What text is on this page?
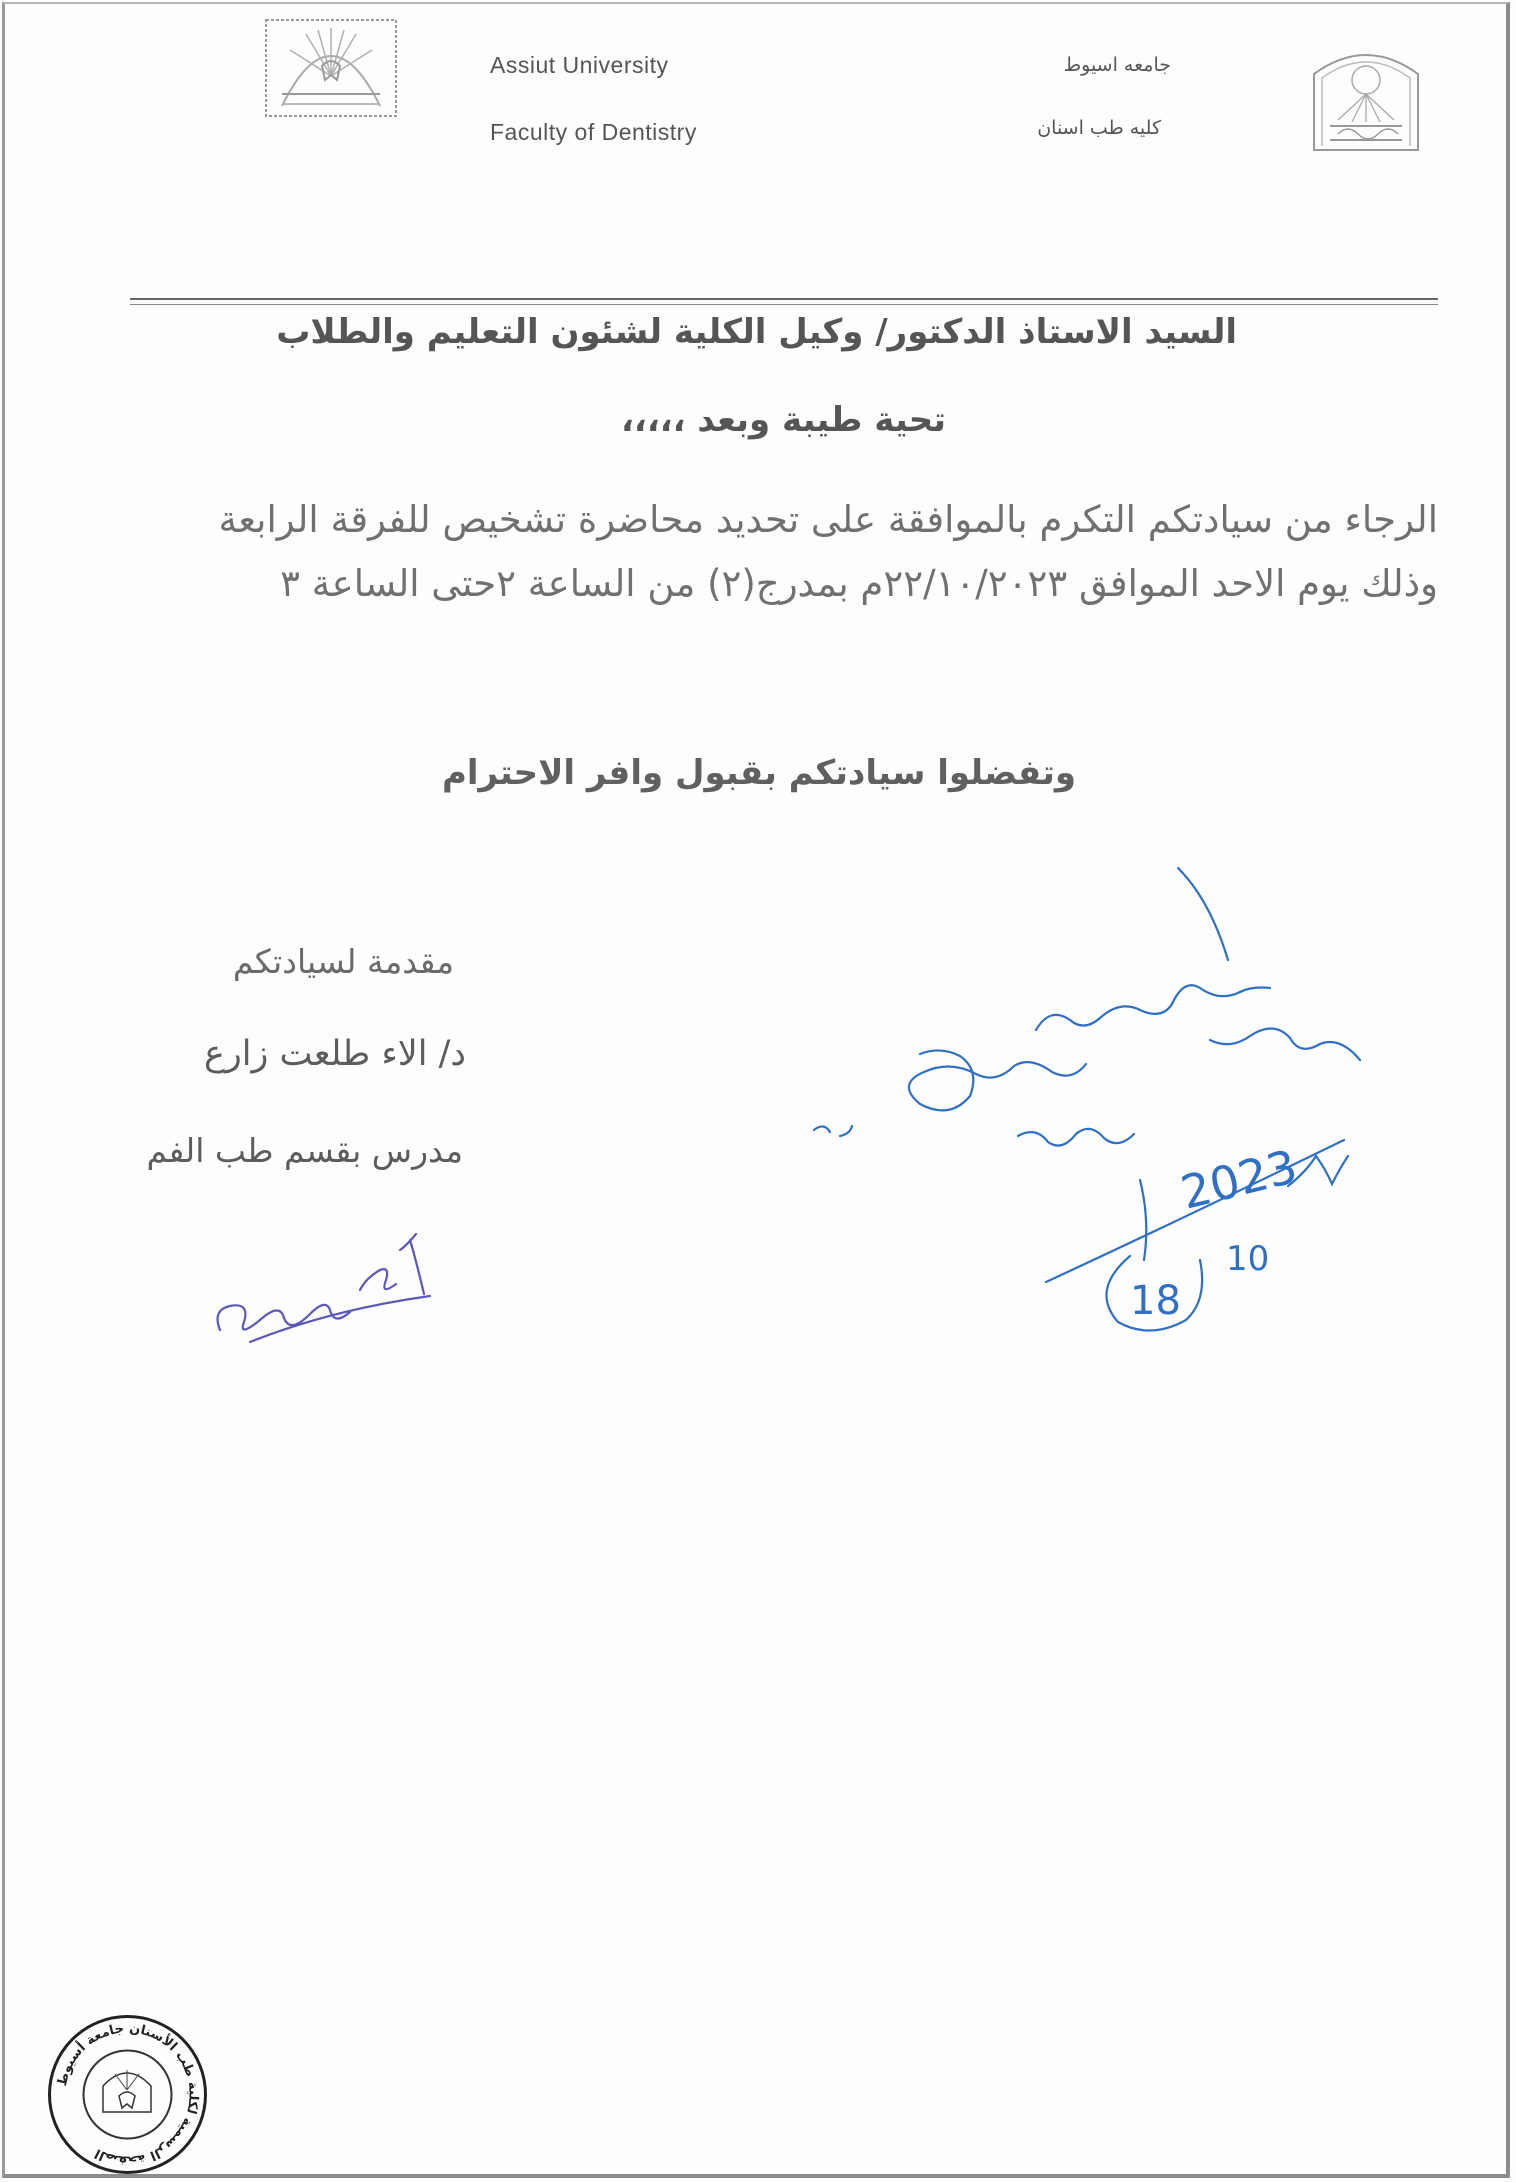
Assiut University
Faculty of Dentistry
جامعه اسيوط
كليه طب اسنان
السيد الاستاذ الدكتور/ وكيل الكلية لشئون التعليم والطلاب
تحية طيبة وبعد ،،،،،
الرجاء من سيادتكم التكرم بالموافقة على تحديد محاضرة تشخيص للفرقة الرابعة
وذلك يوم الاحد الموافق ٢٢/١٠/٢٠٢٣م بمدرج(٢) من الساعة ٢حتى الساعة ٣
وتفضلوا سيادتكم بقبول وافر الاحترام
مقدمة لسيادتكم
د/ الاء طلعت زارع
مدرس بقسم طب الفم	2023
18
10
الصفحة الرسمية لكلية طب الأسنان جامعة أسيوط
